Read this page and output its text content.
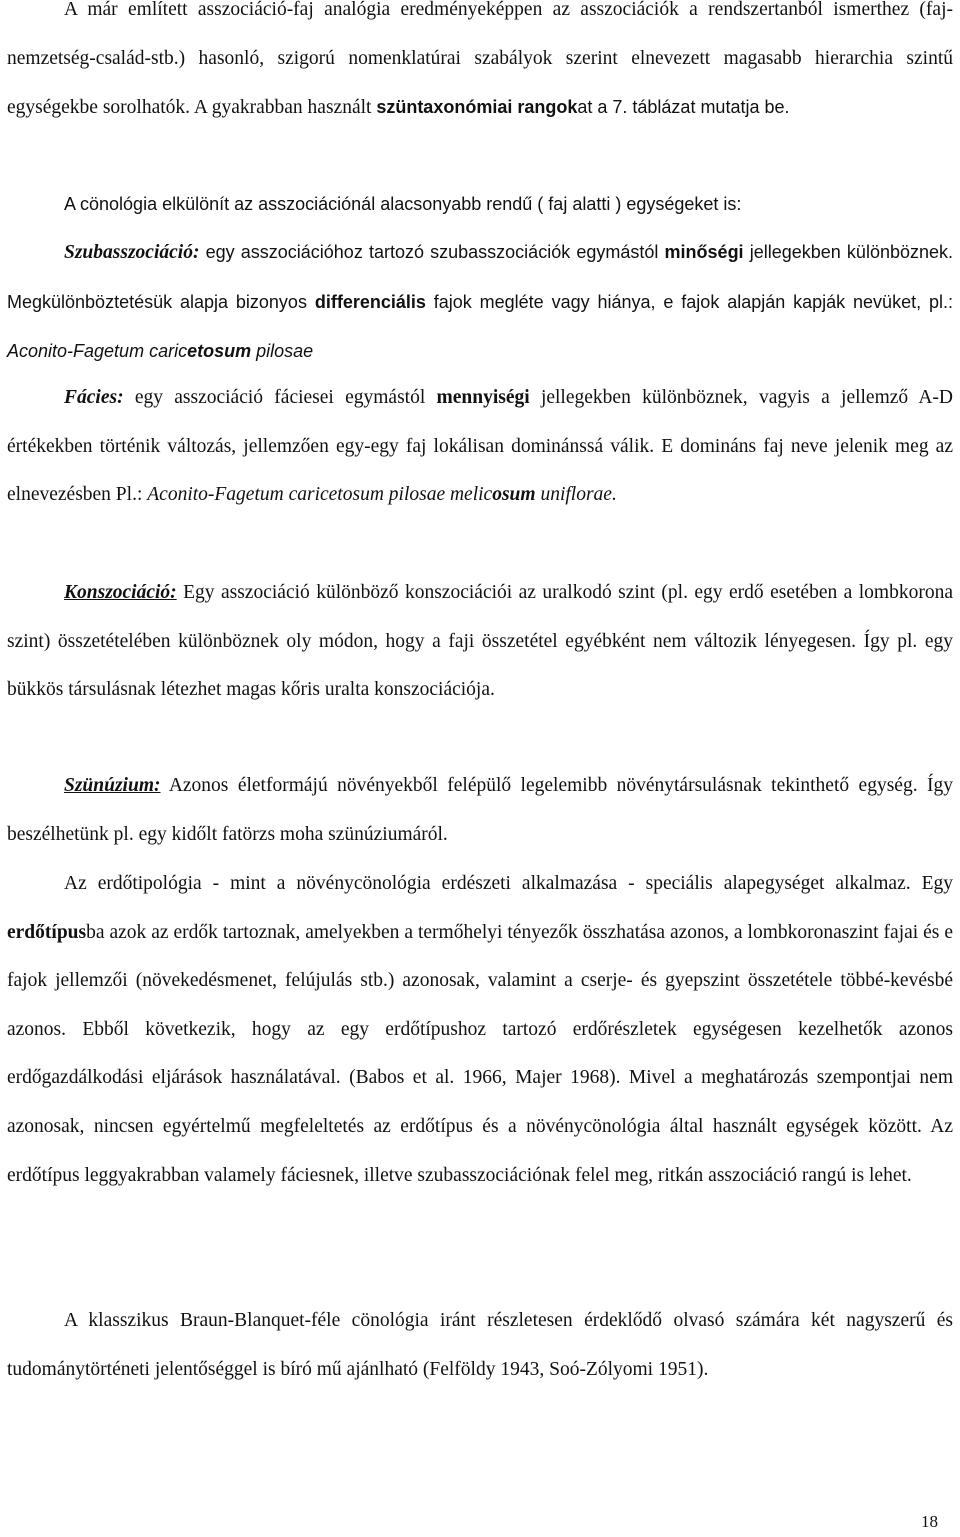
A már említett asszociáció-faj analógia eredményeképpen az asszociációk a rendszertanból ismerthez (faj-nemzetség-család-stb.) hasonló, szigorú nomenklatúrai szabályok szerint elnevezett magasabb hierarchia szintű egységekbe sorolhatók. A gyakrabban használt szüntaxonómiai rangokat a 7. táblázat mutatja be.

A cönológia elkülönít az asszociációnál alacsonyabb rendű ( faj alatti ) egységeket is:

Szubasszociáció: egy asszociációhoz tartozó szubasszociációk egymástól minőségi jellegekben különböznek. Megkülönböztetésük alapja bizonyos differenciális fajok megléte vagy hiánya, e fajok alapján kapják nevüket, pl.: Aconito-Fagetum caricetosum pilosae

Fácies: egy asszociáció fáciesei egymástól mennyiségi jellegekben különböznek, vagyis a jellemző A-D értékekben történik változás, jellemzően egy-egy faj lokálisan dominánssá válik. E domináns faj neve jelenik meg az elnevezésben Pl.: Aconito-Fagetum caricetosum pilosae melicosum uniflorae.

Konszociáció: Egy asszociáció különböző konszociációi az uralkodó szint (pl. egy erdő esetében a lombkorona szint) összetételében különböznek oly módon, hogy a faji összetétel egyébként nem változik lényegesen. Így pl. egy bükkös társulásnak létezhet magas kőris uralta konszociációja.

Szünúzium: Azonos életformájú növényekből felépülő legelemibb növénytársulásnak tekinthető egység. Így beszélhetünk pl. egy kidőlt fatörzs moha szünúziumáról.

Az erdőtipológia - mint a növénycönológia erdészeti alkalmazása - speciális alapegységet alkalmaz. Egy erdőtípusba azok az erdők tartoznak, amelyekben a termőhelyi tényezők összhatása azonos, a lombkoronaszint fajai és e fajok jellemzői (növekedésmenet, felújulás stb.) azonosak, valamint a cserje- és gyepszint összetétele többé-kevésbé azonos. Ebből következik, hogy az egy erdőtípushoz tartozó erdőrészletek egységesen kezelhetők azonos erdőgazdálkodási eljárások használatával. (Babos et al. 1966, Majer 1968). Mivel a meghatározás szempontjai nem azonosak, nincsen egyértelmű megfeleltetés az erdőtípus és a növénycönológia által használt egységek között. Az erdőtípus leggyakrabban valamely fáciesnek, illetve szubasszociációnak felel meg, ritkán asszociáció rangú is lehet.

A klasszikus Braun-Blanquet-féle cönológia iránt részletesen érdeklődő olvasó számára két nagyszerű és tudománytörténeti jelentőséggel is bíró mű ajánlható (Felföldy 1943, Soó-Zólyomi 1951).

18
